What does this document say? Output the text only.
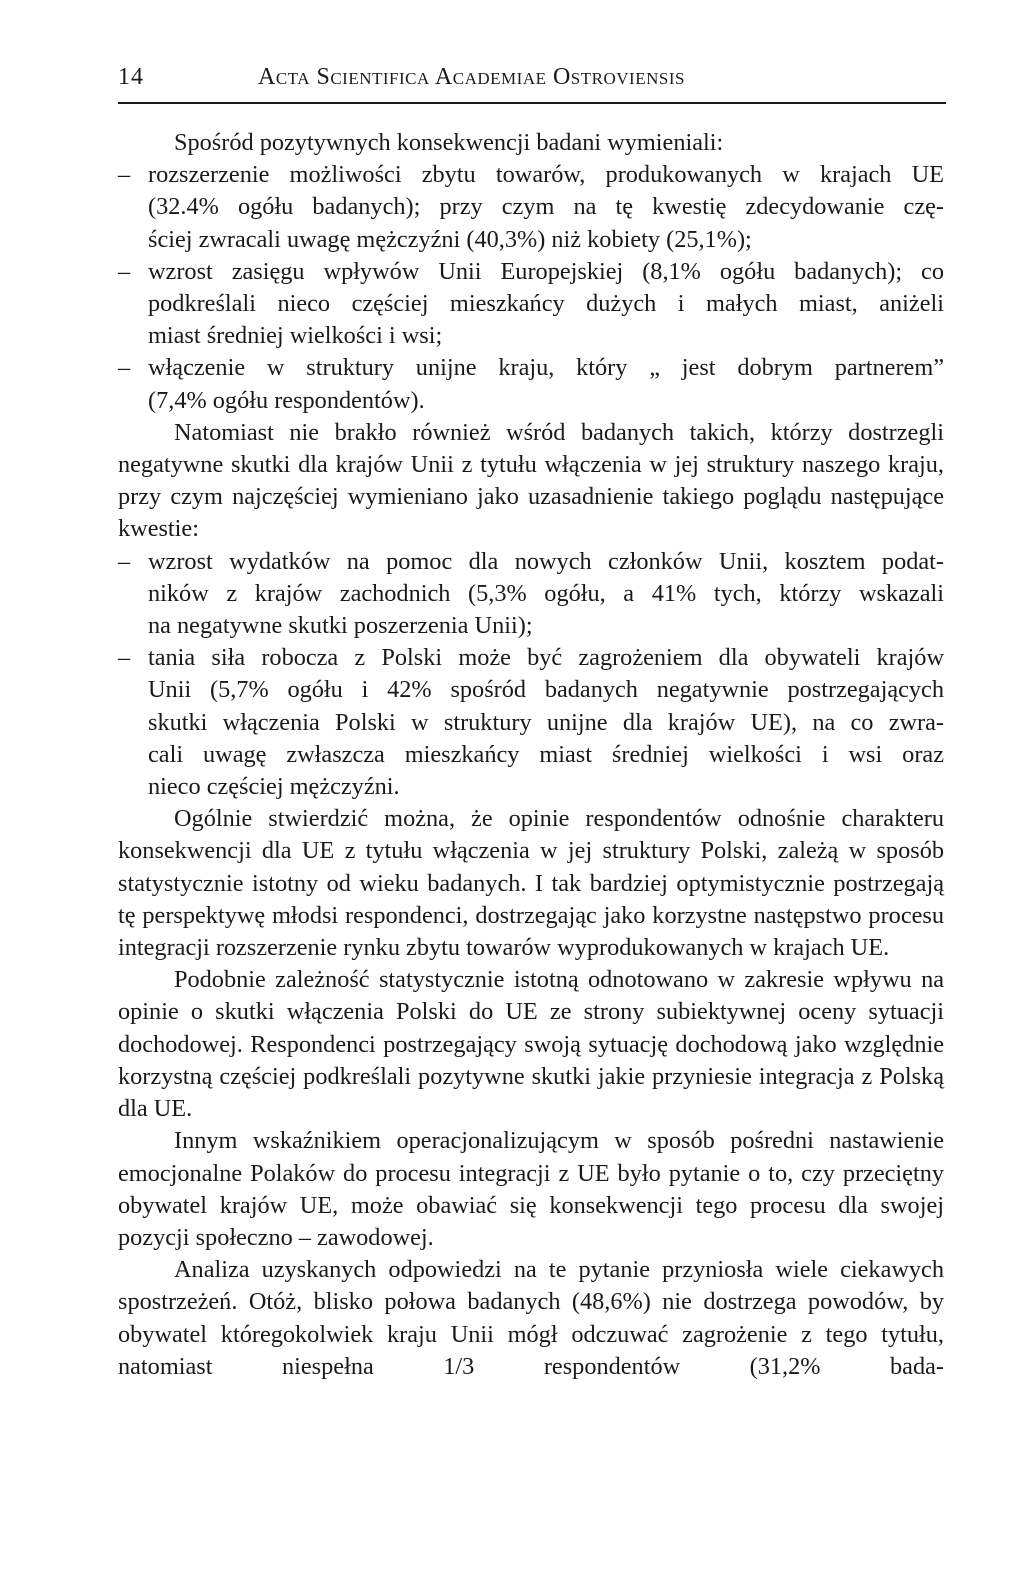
14	Acta Scientifica Academiae Ostroviensis

Spośród pozytywnych konsekwencji badani wymieniali:

– rozszerzenie możliwości zbytu towarów, produkowanych w krajach UE
(32.4% ogółu badanych); przy czym na tę kwestię zdecydowanie czę-
ściej zwracali uwagę mężczyźni (40,3%) niż kobiety (25,1%);
– wzrost zasięgu wpływów Unii Europejskiej (8,1% ogółu badanych); co
podkreślali nieco częściej mieszkańcy dużych i małych miast, aniżeli
miast średniej wielkości i wsi;
– włączenie w struktury unijne kraju, który „ jest dobrym partnerem”
(7,4% ogółu respondentów).

Natomiast nie brakło również wśród badanych takich, którzy dostrzegli negatywne skutki dla krajów Unii z tytułu włączenia w jej struktury naszego kraju, przy czym najczęściej wymieniano jako uzasadnienie takiego poglądu następujące kwestie:

– wzrost wydatków na pomoc dla nowych członków Unii, kosztem podat-
ników z krajów zachodnich (5,3% ogółu, a 41% tych, którzy wskazali
na negatywne skutki poszerzenia Unii);
– tania siła robocza z Polski może być zagrożeniem dla obywateli krajów
Unii (5,7% ogółu i 42% spośród badanych negatywnie postrzegających
skutki włączenia Polski w struktury unijne dla krajów UE), na co zwra-
cali uwagę zwłaszcza mieszkańcy miast średniej wielkości i wsi oraz
nieco częściej mężczyźni.

Ogólnie stwierdzić można, że opinie respondentów odnośnie charakteru konsekwencji dla UE z tytułu włączenia w jej struktury Polski, zależą w sposób statystycznie istotny od wieku badanych. I tak bardziej optymistycznie postrzegają tę perspektywę młodsi respondenci, dostrzegając jako korzystne następstwo procesu integracji rozszerzenie rynku zbytu towarów wyprodukowanych w krajach UE.

Podobnie zależność statystycznie istotną odnotowano w zakresie wpływu na opinie o skutki włączenia Polski do UE ze strony subiektywnej oceny sytuacji dochodowej. Respondenci postrzegający swoją sytuację dochodową jako względnie korzystną częściej podkreślali pozytywne skutki jakie przyniesie integracja z Polską dla UE.

Innym wskaźnikiem operacjonalizującym w sposób pośredni nastawienie emocjonalne Polaków do procesu integracji z UE było pytanie o to, czy przeciętny obywatel krajów UE, może obawiać się konsekwencji tego procesu dla swojej pozycji społeczno – zawodowej.

Analiza uzyskanych odpowiedzi na te pytanie przyniosła wiele ciekawych spostrzeżeń. Otóż, blisko połowa badanych (48,6%) nie dostrzega powodów, by obywatel któregokolwiek kraju Unii mógł odczuwać zagrożenie z tego tytułu, natomiast niespełna 1/3 respondentów (31,2% bada-
